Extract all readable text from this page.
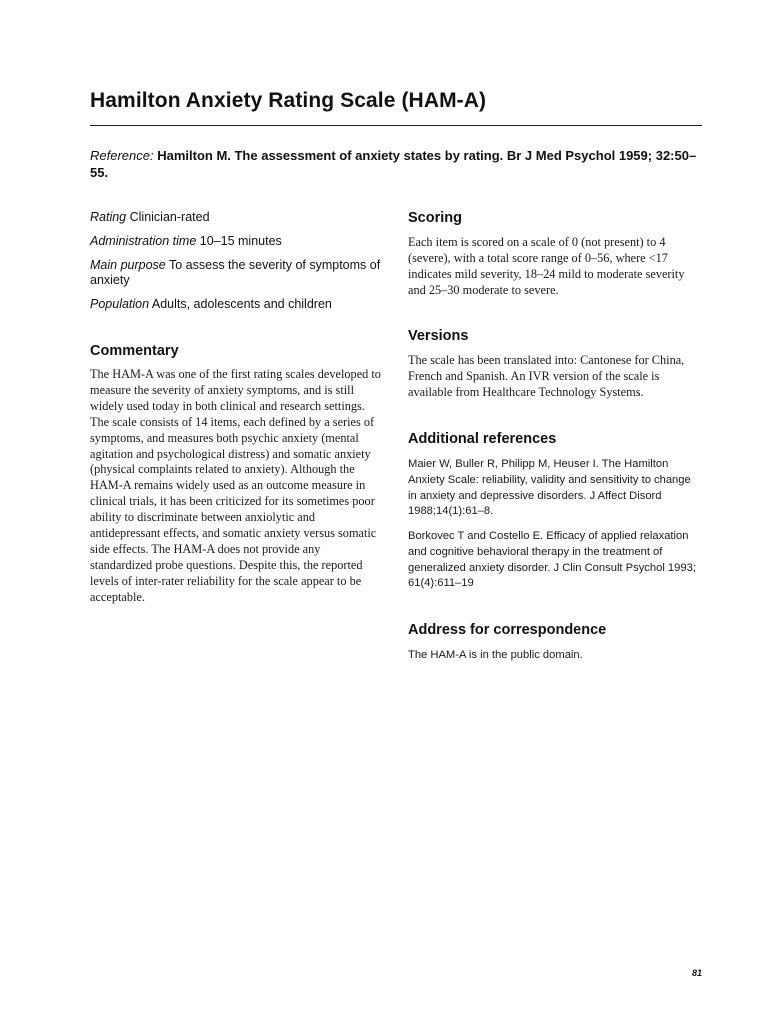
Hamilton Anxiety Rating Scale (HAM-A)
Reference: Hamilton M. The assessment of anxiety states by rating. Br J Med Psychol 1959; 32:50–55.
Rating Clinician-rated
Administration time 10–15 minutes
Main purpose To assess the severity of symptoms of anxiety
Population Adults, adolescents and children
Commentary

The HAM-A was one of the first rating scales developed to measure the severity of anxiety symptoms, and is still widely used today in both clinical and research settings. The scale consists of 14 items, each defined by a series of symptoms, and measures both psychic anxiety (mental agitation and psychological distress) and somatic anxiety (physical complaints related to anxiety). Although the HAM-A remains widely used as an outcome measure in clinical trials, it has been criticized for its sometimes poor ability to discriminate between anxiolytic and antidepressant effects, and somatic anxiety versus somatic side effects. The HAM-A does not provide any standardized probe questions. Despite this, the reported levels of inter-rater reliability for the scale appear to be acceptable.

Scoring

Each item is scored on a scale of 0 (not present) to 4 (severe), with a total score range of 0–56, where <17 indicates mild severity, 18–24 mild to moderate severity and 25–30 moderate to severe.

Versions

The scale has been translated into: Cantonese for China, French and Spanish. An IVR version of the scale is available from Healthcare Technology Systems.

Additional references

Maier W, Buller R, Philipp M, Heuser I. The Hamilton Anxiety Scale: reliability, validity and sensitivity to change in anxiety and depressive disorders. J Affect Disord 1988;14(1):61–8.

Borkovec T and Costello E. Efficacy of applied relaxation and cognitive behavioral therapy in the treatment of generalized anxiety disorder. J Clin Consult Psychol 1993; 61(4):611–19

Address for correspondence

The HAM-A is in the public domain.

81
